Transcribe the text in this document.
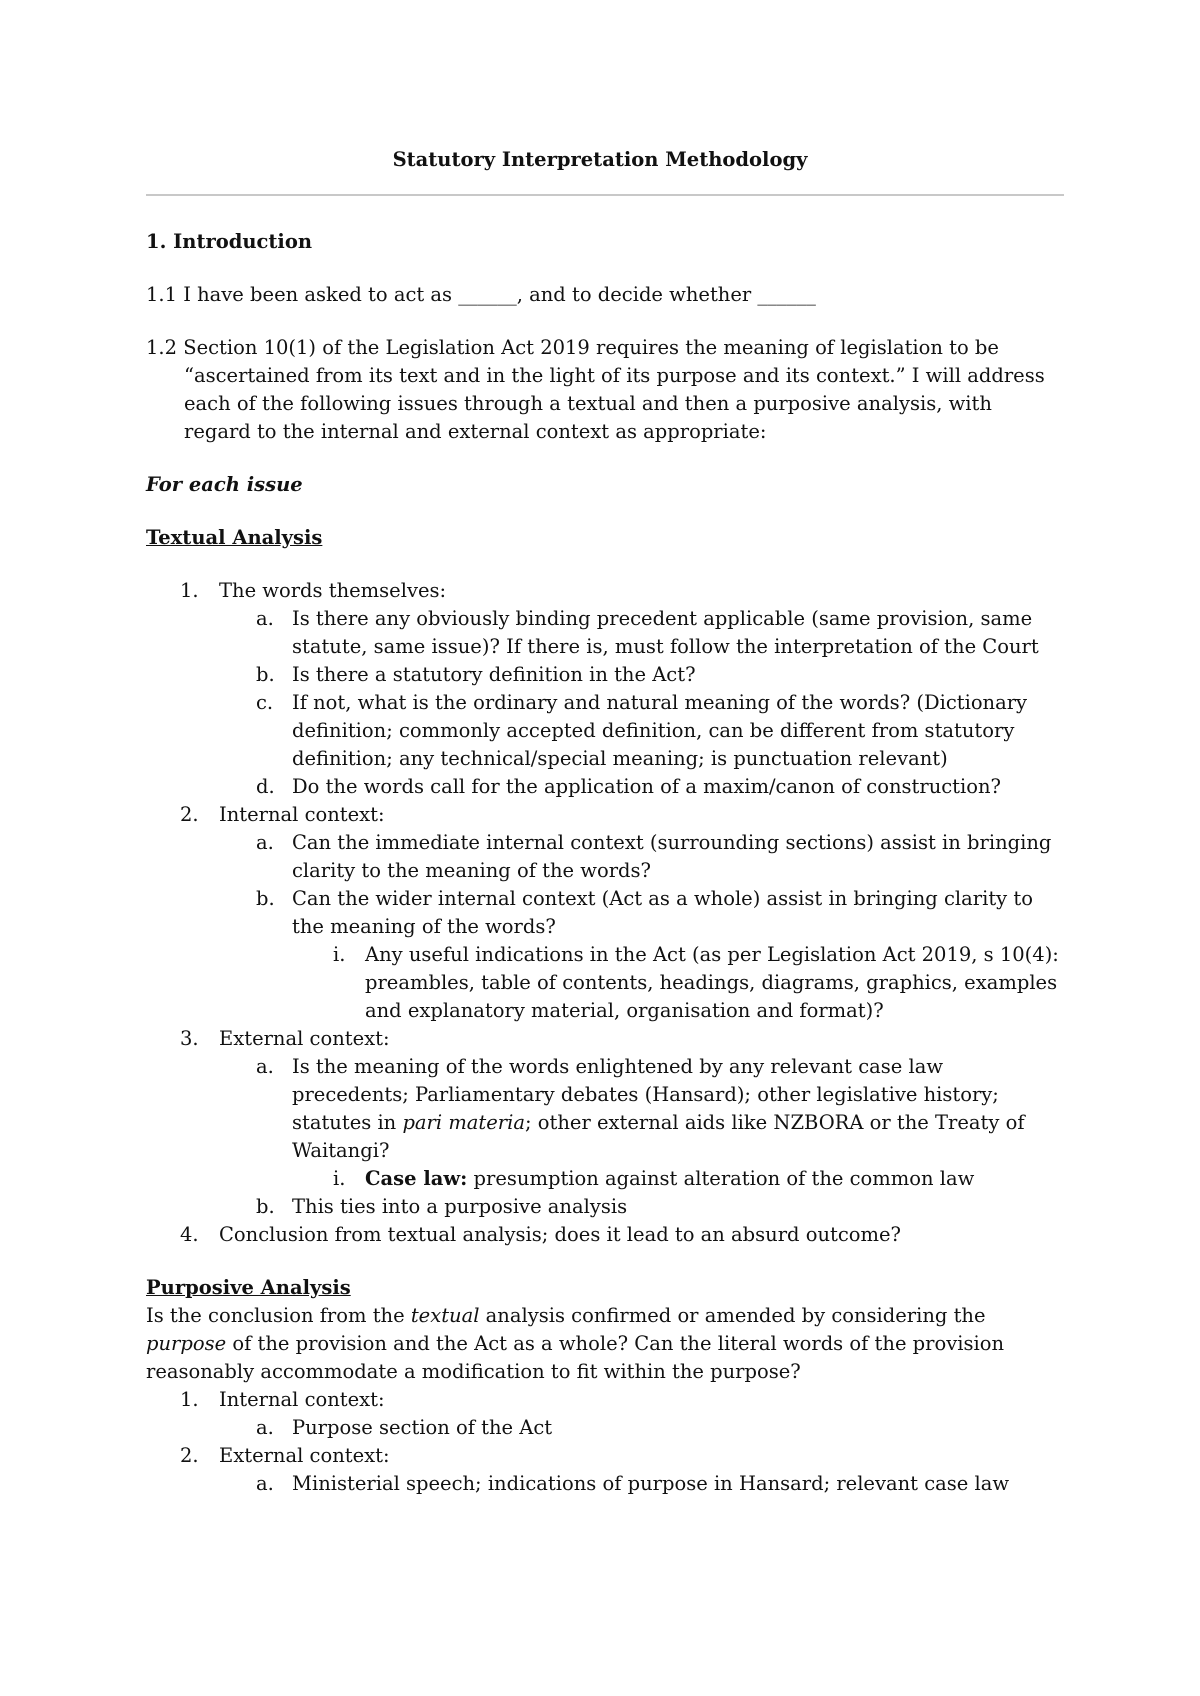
Statutory Interpretation Methodology
1. Introduction
1.1 I have been asked to act as ______, and to decide whether ______
1.2 Section 10(1) of the Legislation Act 2019 requires the meaning of legislation to be “ascertained from its text and in the light of its purpose and its context.” I will address each of the following issues through a textual and then a purposive analysis, with regard to the internal and external context as appropriate:
For each issue
Textual Analysis
1. The words themselves:
a. Is there any obviously binding precedent applicable (same provision, same statute, same issue)? If there is, must follow the interpretation of the Court
b. Is there a statutory definition in the Act?
c. If not, what is the ordinary and natural meaning of the words? (Dictionary definition; commonly accepted definition, can be different from statutory definition; any technical/special meaning; is punctuation relevant)
d. Do the words call for the application of a maxim/canon of construction?
2. Internal context:
a. Can the immediate internal context (surrounding sections) assist in bringing clarity to the meaning of the words?
b. Can the wider internal context (Act as a whole) assist in bringing clarity to the meaning of the words?
i. Any useful indications in the Act (as per Legislation Act 2019, s 10(4): preambles, table of contents, headings, diagrams, graphics, examples and explanatory material, organisation and format)?
3. External context:
a. Is the meaning of the words enlightened by any relevant case law precedents; Parliamentary debates (Hansard); other legislative history; statutes in pari materia; other external aids like NZBORA or the Treaty of Waitangi?
i. Case law: presumption against alteration of the common law
b. This ties into a purposive analysis
4. Conclusion from textual analysis; does it lead to an absurd outcome?
Purposive Analysis

Is the conclusion from the textual analysis confirmed or amended by considering the purpose of the provision and the Act as a whole? Can the literal words of the provision reasonably accommodate a modification to fit within the purpose?

1. Internal context:
a. Purpose section of the Act
2. External context:
a. Ministerial speech; indications of purpose in Hansard; relevant case law
